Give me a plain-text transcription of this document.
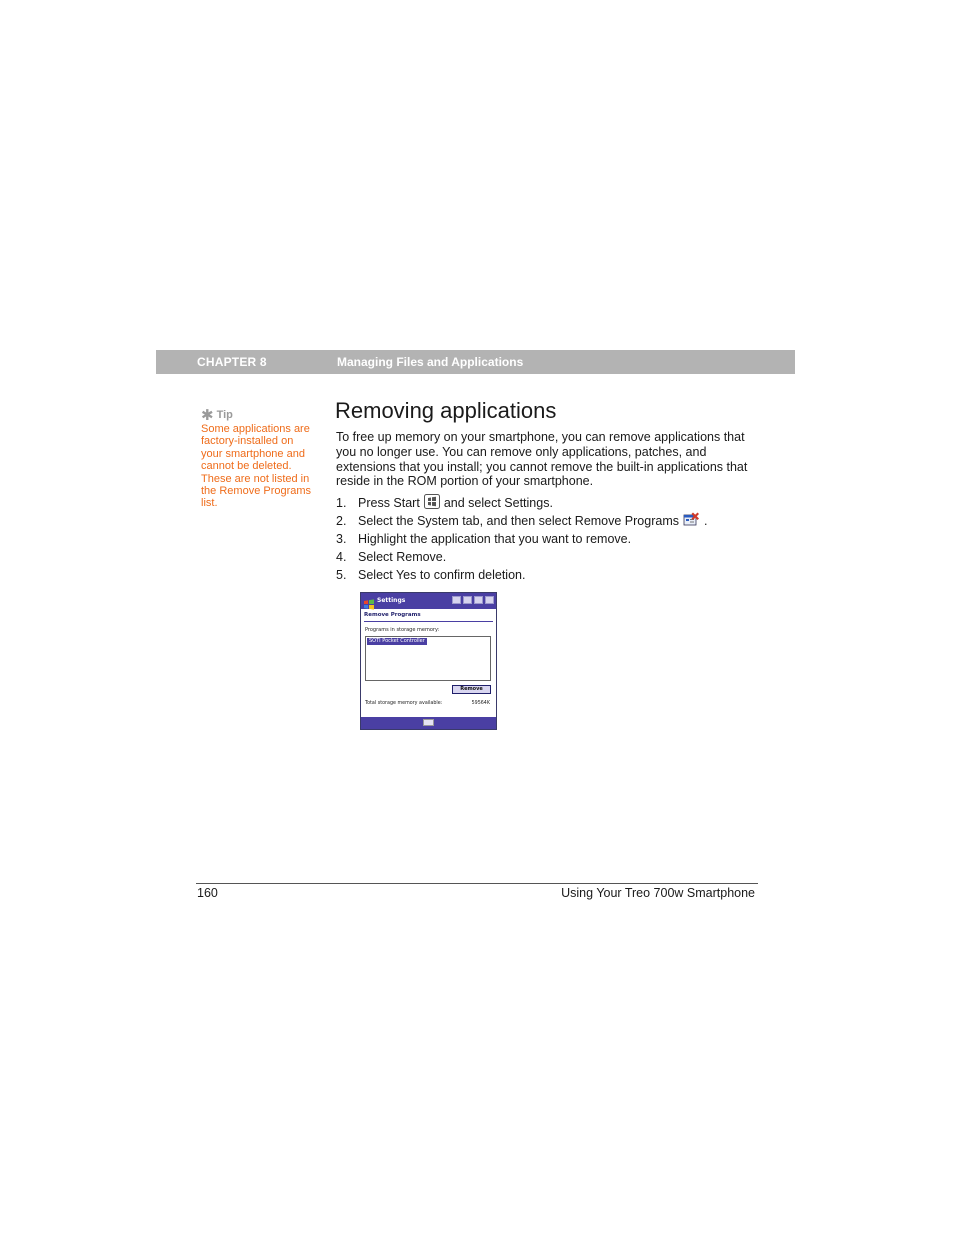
CHAPTER 8	Managing Files and Applications
✱ Tip
Some applications are factory-installed on your smartphone and cannot be deleted. These are not listed in the Remove Programs list.
Removing applications

To free up memory on your smartphone, you can remove applications that you no longer use. You can remove only applications, patches, and extensions that you install; you cannot remove the built-in applications that reside in the ROM portion of your smartphone.

1. Press Start and select Settings.
2. Select the System tab, and then select Remove Programs .
3. Highlight the application that you want to remove.
4. Select Remove.
5. Select Yes to confirm deletion.
Settings
Remove Programs
Programs in storage memory:
SOTI Pocket Controller
Remove
Total storage memory available:	59564K
160	Using Your Treo 700w Smartphone
